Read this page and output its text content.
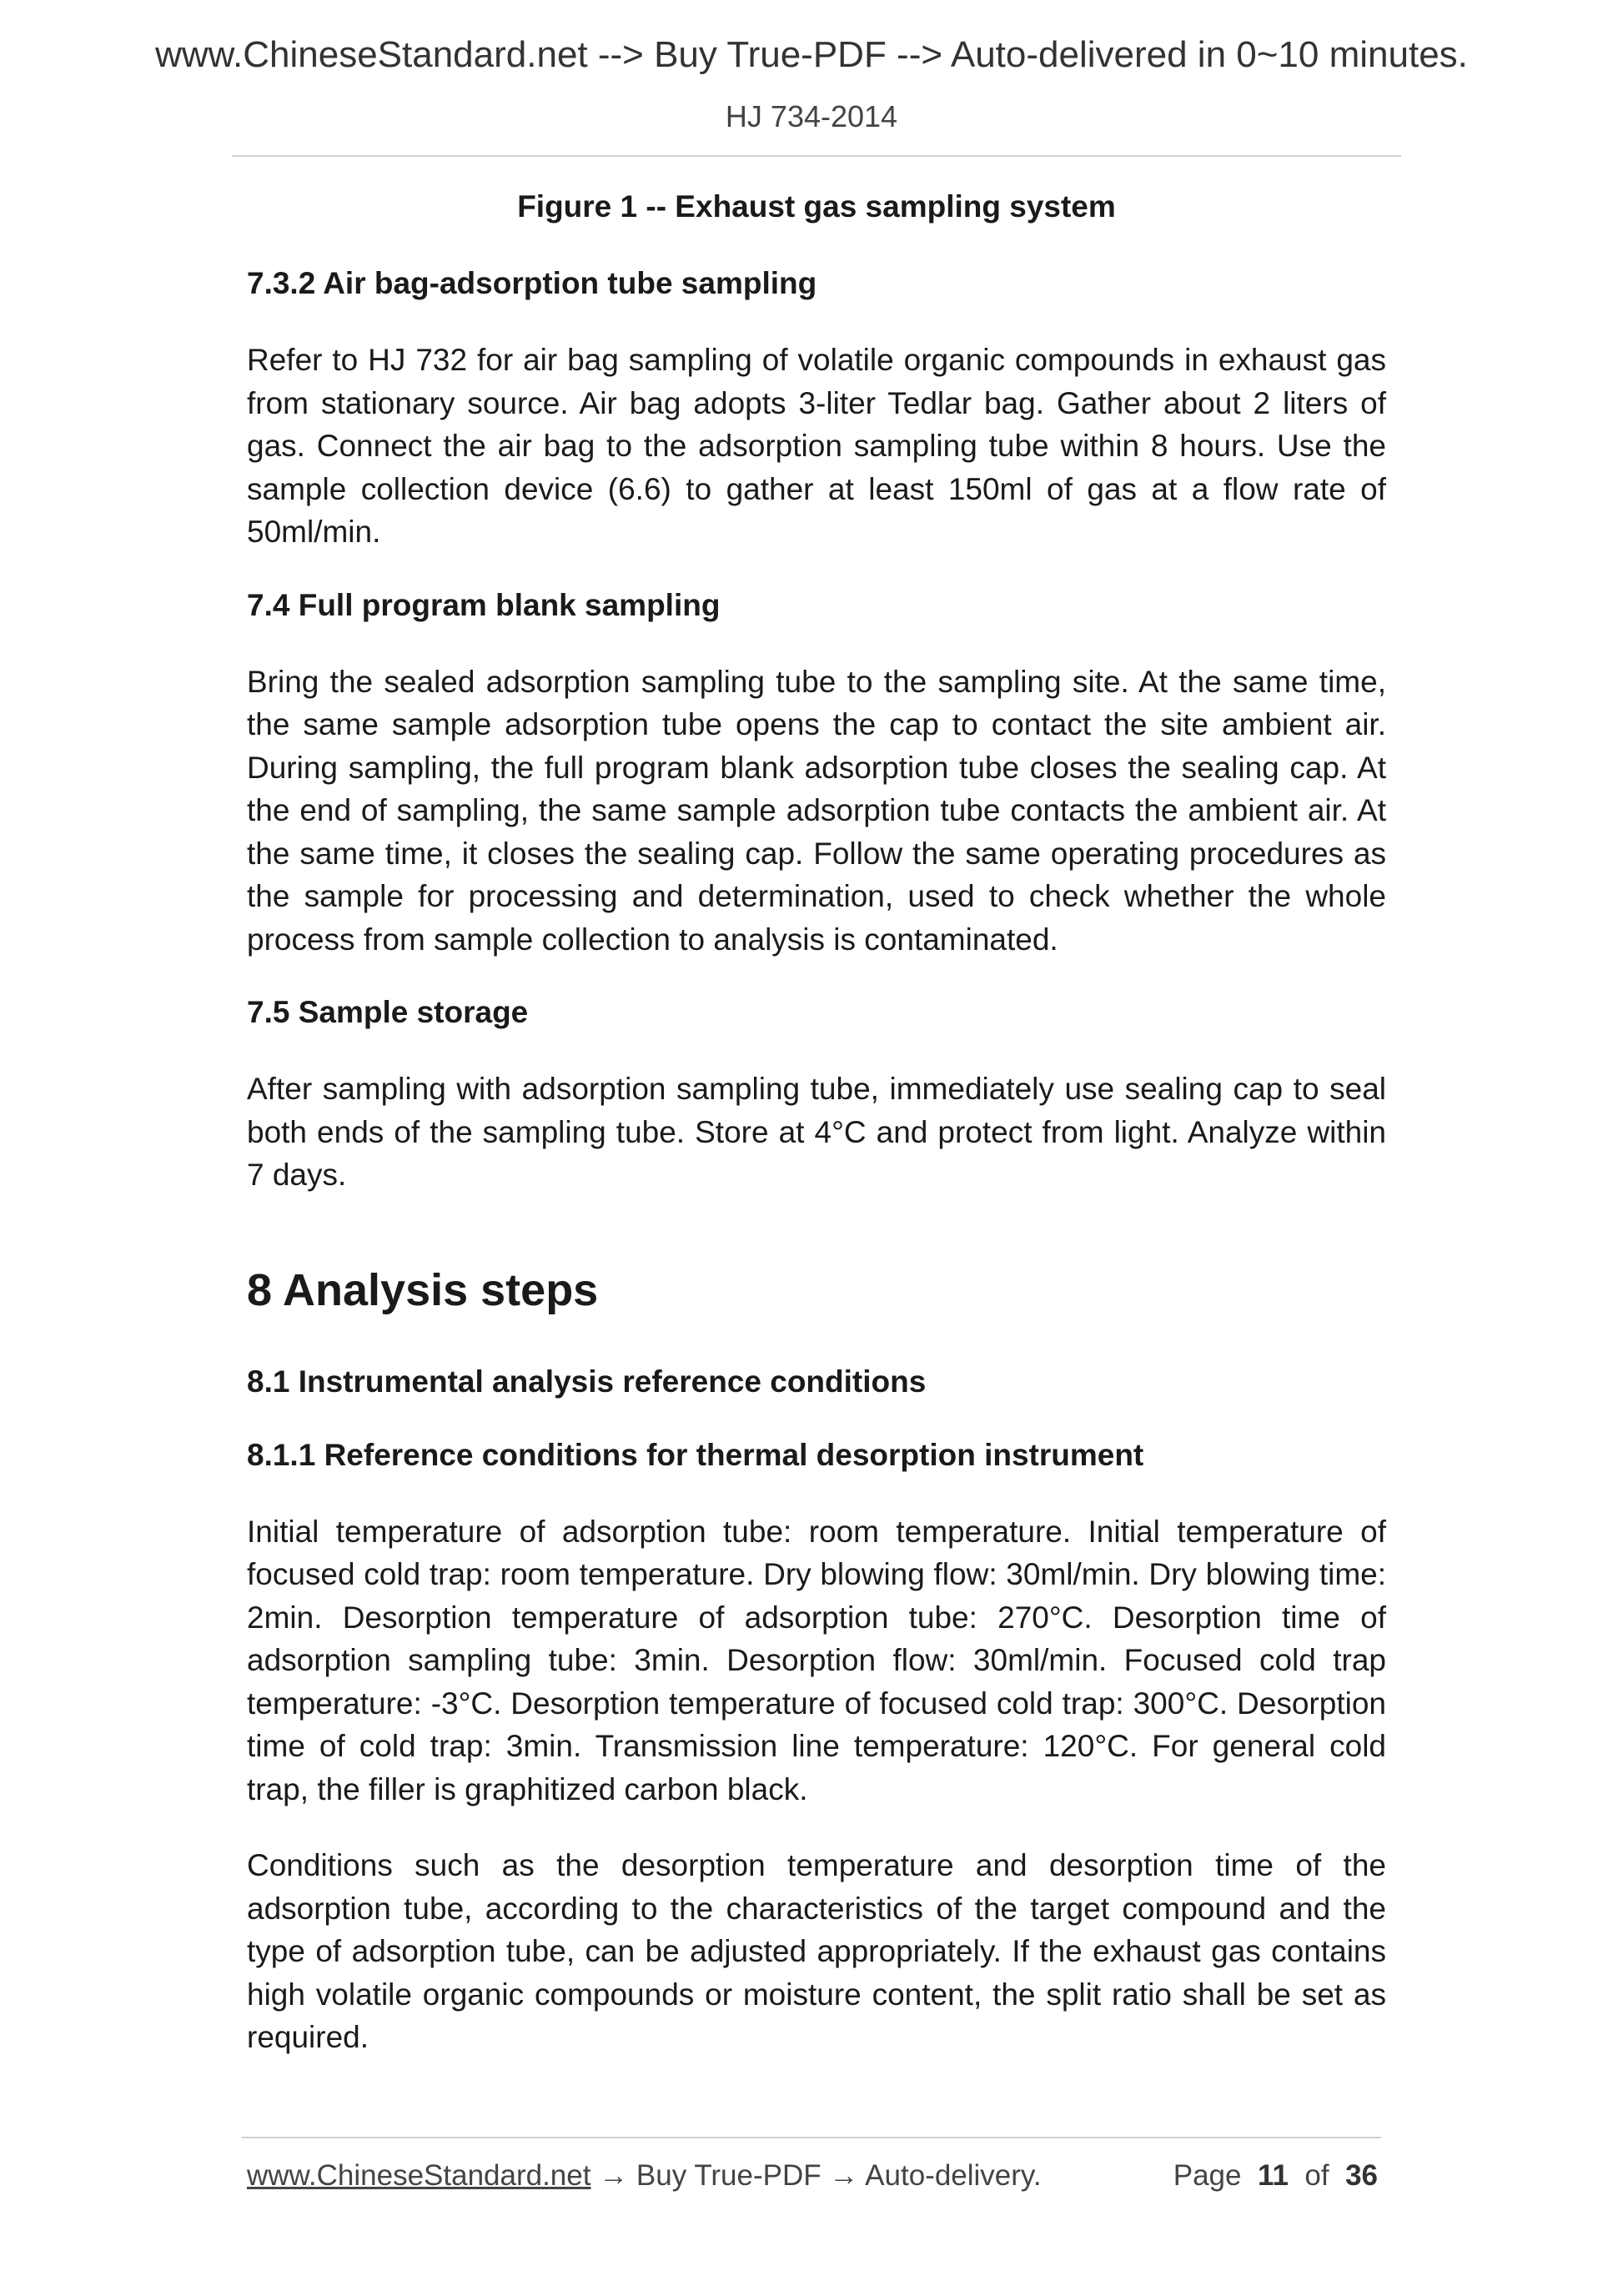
www.ChineseStandard.net --> Buy True-PDF --> Auto-delivered in 0~10 minutes.
HJ 734-2014
Figure 1 -- Exhaust gas sampling system
7.3.2 Air bag-adsorption tube sampling
Refer to HJ 732 for air bag sampling of volatile organic compounds in exhaust gas from stationary source. Air bag adopts 3-liter Tedlar bag. Gather about 2 liters of gas. Connect the air bag to the adsorption sampling tube within 8 hours. Use the sample collection device (6.6) to gather at least 150ml of gas at a flow rate of 50ml/min.
7.4 Full program blank sampling
Bring the sealed adsorption sampling tube to the sampling site. At the same time, the same sample adsorption tube opens the cap to contact the site ambient air. During sampling, the full program blank adsorption tube closes the sealing cap. At the end of sampling, the same sample adsorption tube contacts the ambient air. At the same time, it closes the sealing cap. Follow the same operating procedures as the sample for processing and determination, used to check whether the whole process from sample collection to analysis is contaminated.
7.5 Sample storage
After sampling with adsorption sampling tube, immediately use sealing cap to seal both ends of the sampling tube. Store at 4°C and protect from light. Analyze within 7 days.
8 Analysis steps
8.1 Instrumental analysis reference conditions
8.1.1 Reference conditions for thermal desorption instrument
Initial temperature of adsorption tube: room temperature. Initial temperature of focused cold trap: room temperature. Dry blowing flow: 30ml/min. Dry blowing time: 2min. Desorption temperature of adsorption tube: 270°C. Desorption time of adsorption sampling tube: 3min. Desorption flow: 30ml/min. Focused cold trap temperature: -3°C. Desorption temperature of focused cold trap: 300°C. Desorption time of cold trap: 3min. Transmission line temperature: 120°C. For general cold trap, the filler is graphitized carbon black.
Conditions such as the desorption temperature and desorption time of the adsorption tube, according to the characteristics of the target compound and the type of adsorption tube, can be adjusted appropriately. If the exhaust gas contains high volatile organic compounds or moisture content, the split ratio shall be set as required.
www.ChineseStandard.net → Buy True-PDF → Auto-delivery.	Page 11 of 36
